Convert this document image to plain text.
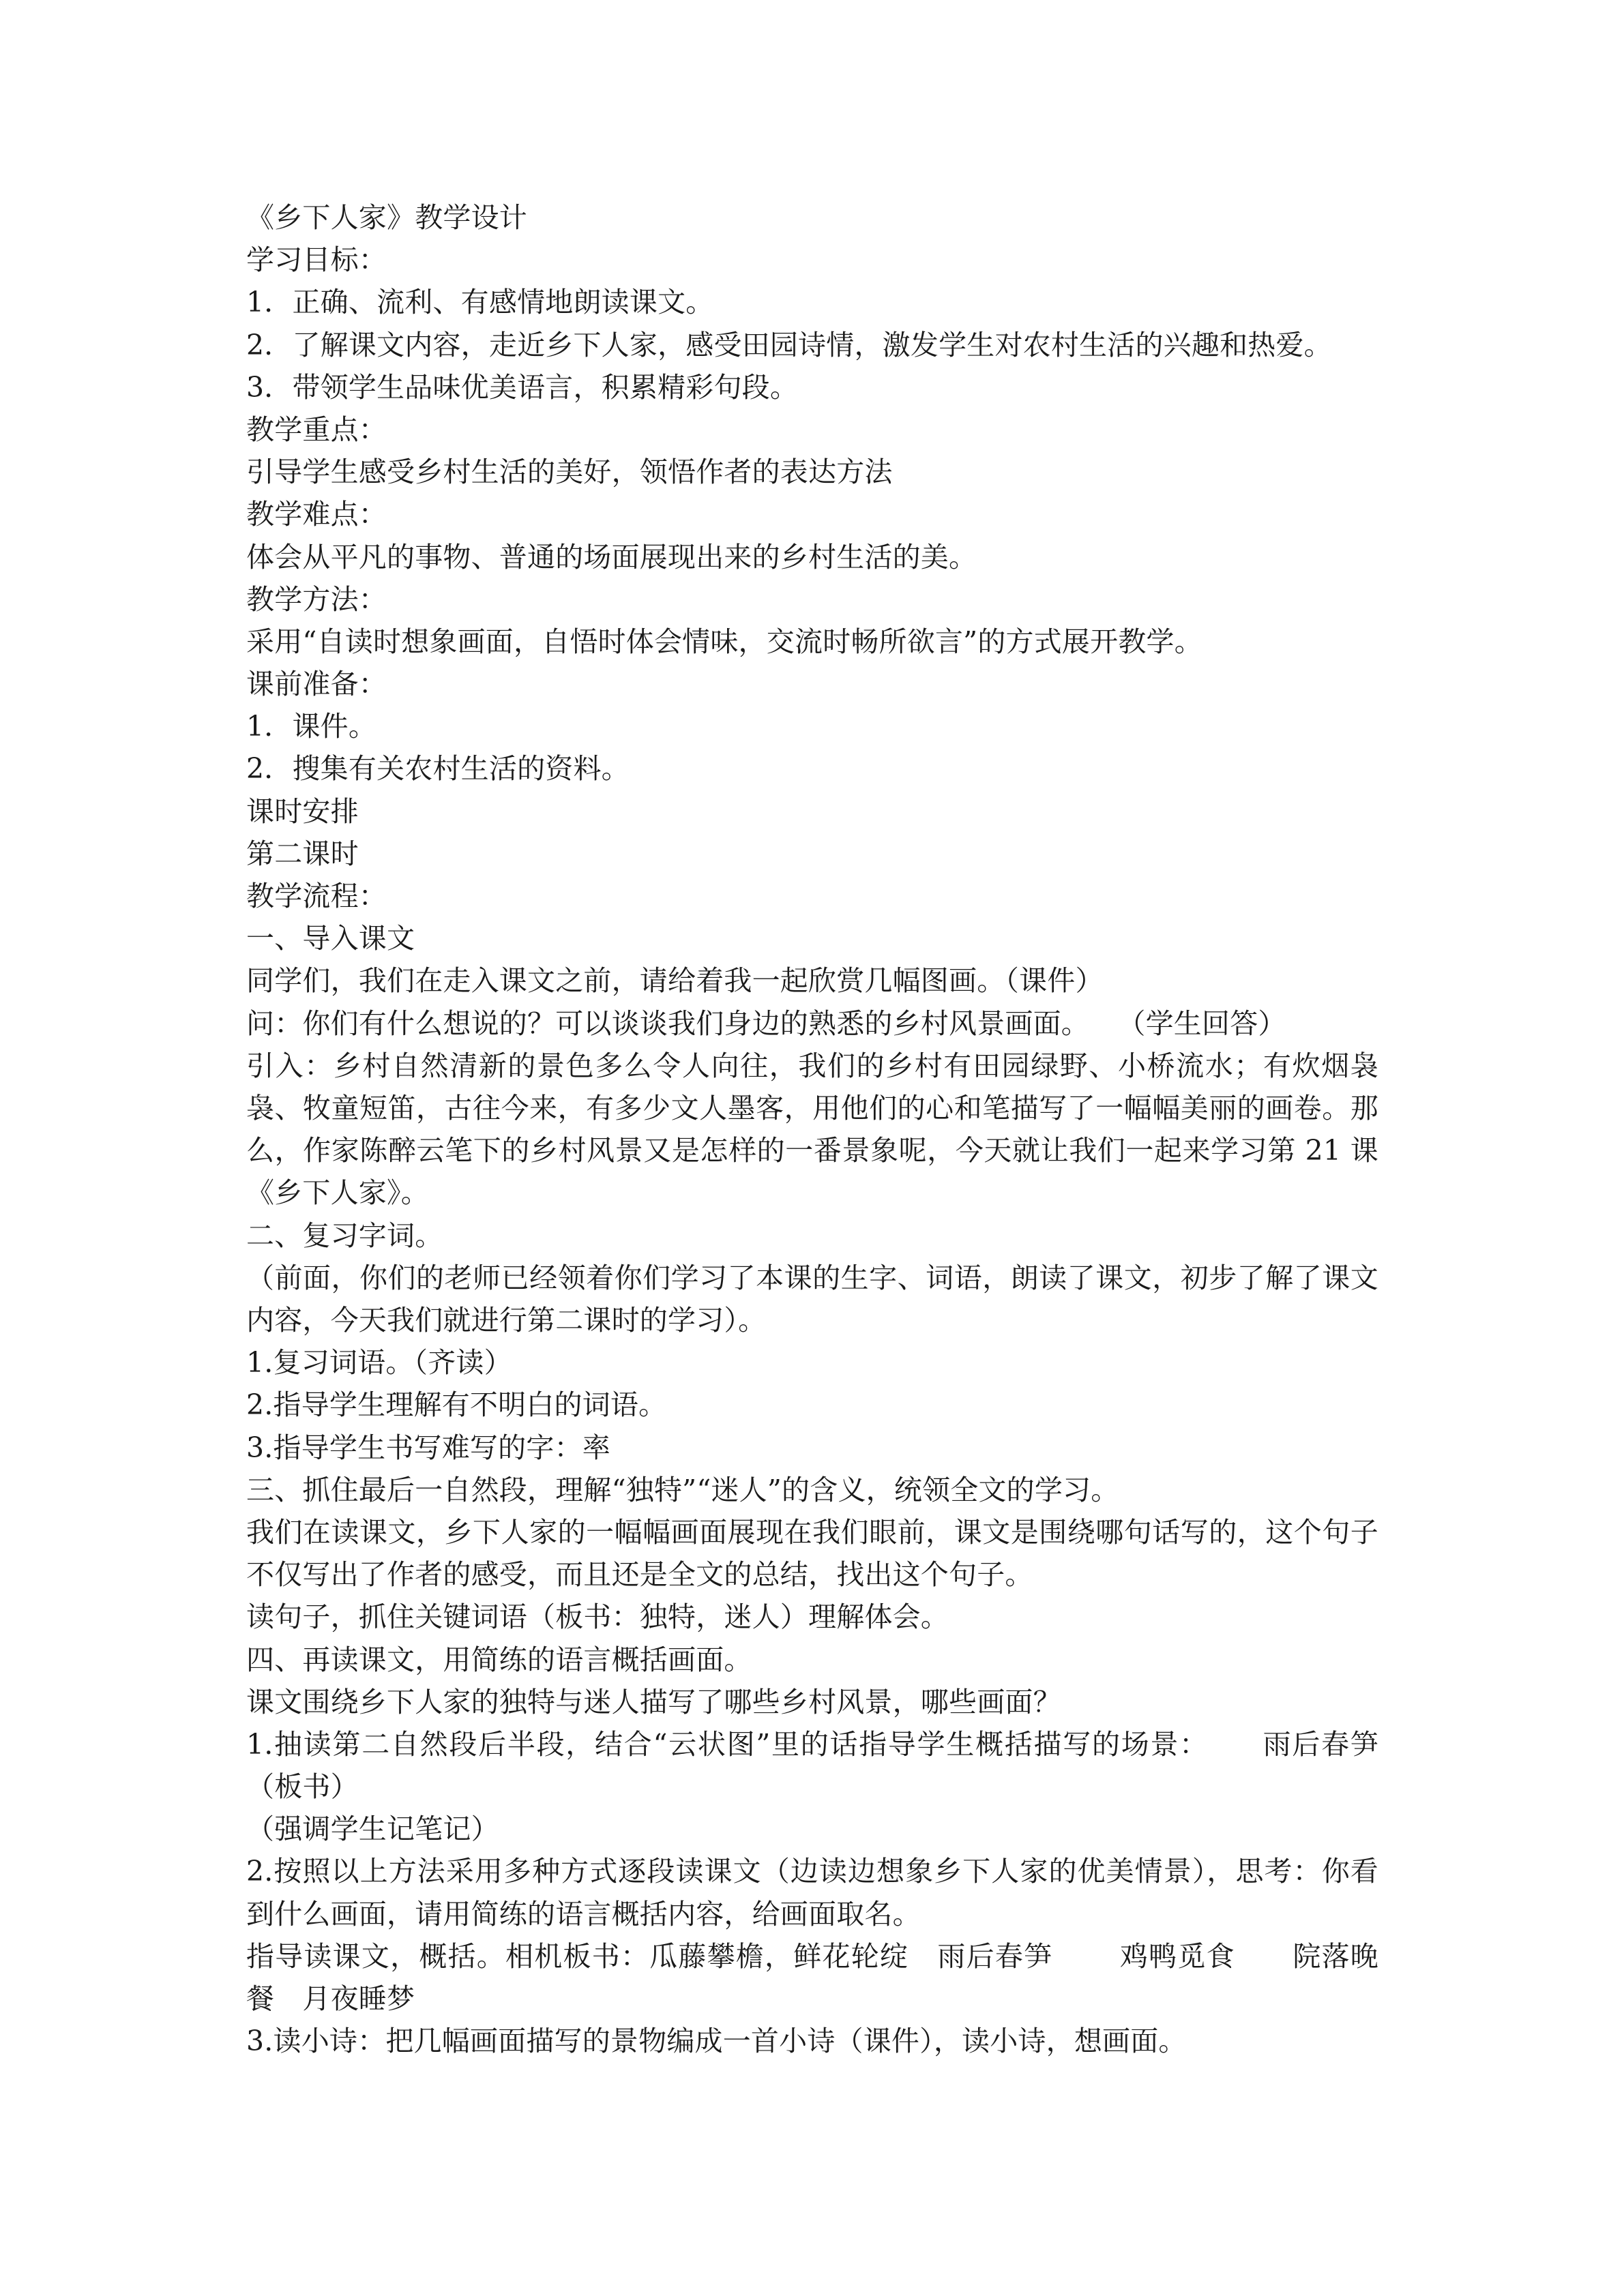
《乡下人家》教学设计
学习目标：
1．正确、流利、有感情地朗读课文。
2．了解课文内容，走近乡下人家，感受田园诗情，激发学生对农村生活的兴趣和热爱。
3．带领学生品味优美语言，积累精彩句段。
教学重点：
引导学生感受乡村生活的美好，领悟作者的表达方法
教学难点：
体会从平凡的事物、普通的场面展现出来的乡村生活的美。
教学方法：
采用“自读时想象画面，自悟时体会情味，交流时畅所欲言”的方式展开教学。
课前准备：
1．课件。
2．搜集有关农村生活的资料。
课时安排
第二课时
教学流程：
一、导入课文
同学们，我们在走入课文之前，请给着我一起欣赏几幅图画。（课件）
问：你们有什么想说的？可以谈谈我们身边的熟悉的乡村风景画面。　　（学生回答）
引入：乡村自然清新的景色多么令人向往，我们的乡村有田园绿野、小桥流水；有炊烟袅袅、牧童短笛，古往今来，有多少文人墨客，用他们的心和笔描写了一幅幅美丽的画卷。那么，作家陈醉云笔下的乡村风景又是怎样的一番景象呢，今天就让我们一起来学习第 21 课《乡下人家》。
二、复习字词。
（前面，你们的老师已经领着你们学习了本课的生字、词语，朗读了课文，初步了解了课文内容，今天我们就进行第二课时的学习）。
1.复习词语。（齐读）
2.指导学生理解有不明白的词语。
3.指导学生书写难写的字：率
三、抓住最后一自然段，理解“独特”“迷人”的含义，统领全文的学习。
我们在读课文，乡下人家的一幅幅画面展现在我们眼前，课文是围绕哪句话写的，这个句子不仅写出了作者的感受，而且还是全文的总结，找出这个句子。
读句子，抓住关键词语（板书：独特，迷人）理解体会。
四、再读课文，用简练的语言概括画面。
课文围绕乡下人家的独特与迷人描写了哪些乡村风景，哪些画面？
1.抽读第二自然段后半段，结合“云状图”里的话指导学生概括描写的场景：　　 雨后春笋（板书）
（强调学生记笔记）
2.按照以上方法采用多种方式逐段读课文（边读边想象乡下人家的优美情景），思考：你看到什么画面，请用简练的语言概括内容，给画面取名。
指导读课文，概括。相机板书：瓜藤攀檐，鲜花轮绽　雨后春笋　　 鸡鸭觅食　　院落晚餐　月夜睡梦
3.读小诗：把几幅画面描写的景物编成一首小诗（课件），读小诗，想画面。
